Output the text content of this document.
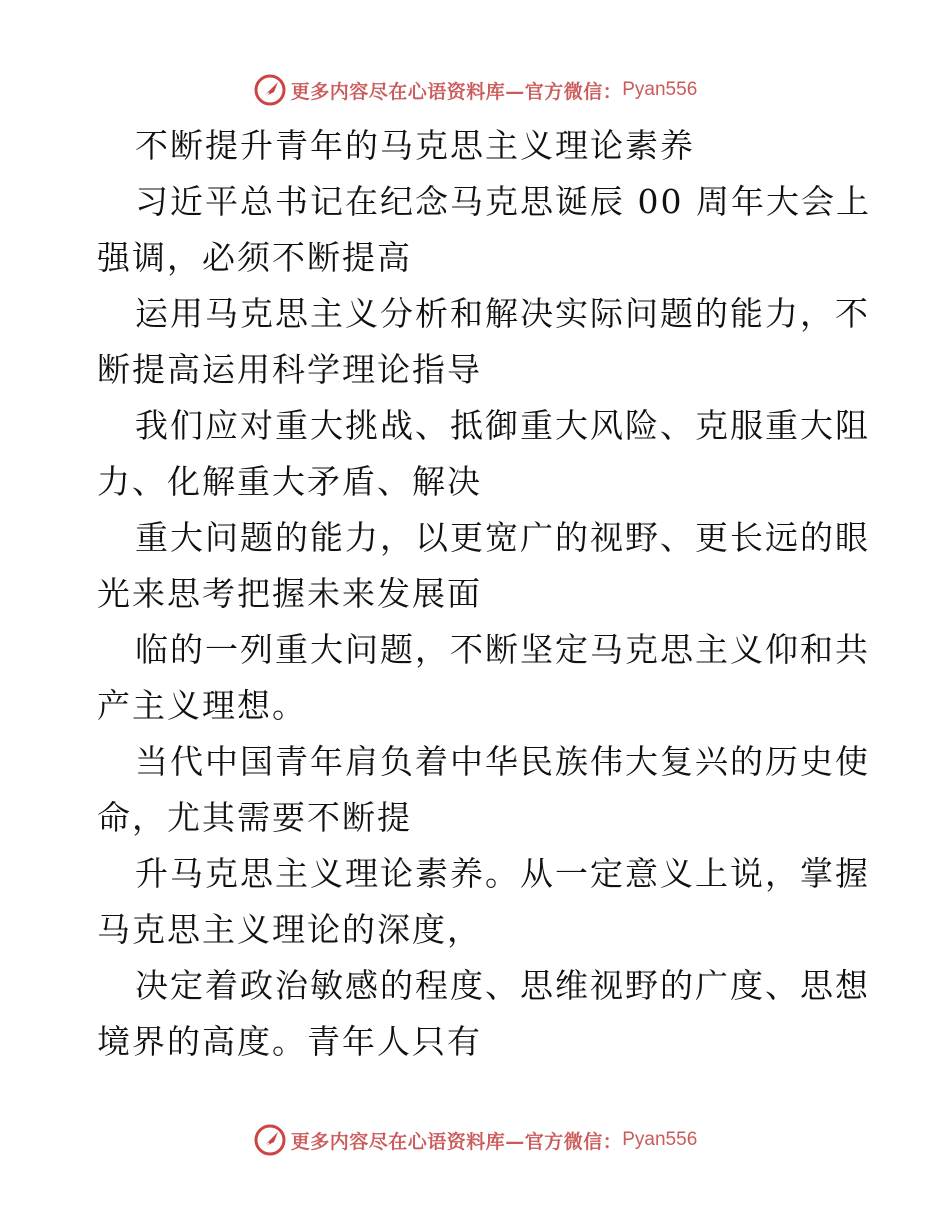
更多内容尽在心语资料库—官方微信： Pyan556
不断提升青年的马克思主义理论素养
习近平总书记在纪念马克思诞辰 00 周年大会上
强调，必须不断提高
运用马克思主义分析和解决实际问题的能力，不
断提高运用科学理论指导
我们应对重大挑战、抵御重大风险、克服重大阻
力、化解重大矛盾、解决
重大问题的能力，以更宽广的视野、更长远的眼
光来思考把握未来发展面
临的一列重大问题，不断坚定马克思主义仰和共
产主义理想。
当代中国青年肩负着中华民族伟大复兴的历史使
命，尤其需要不断提
升马克思主义理论素养。从一定意义上说，掌握
马克思主义理论的深度，
决定着政治敏感的程度、思维视野的广度、思想
境界的高度。青年人只有
更多内容尽在心语资料库—官方微信： Pyan556
